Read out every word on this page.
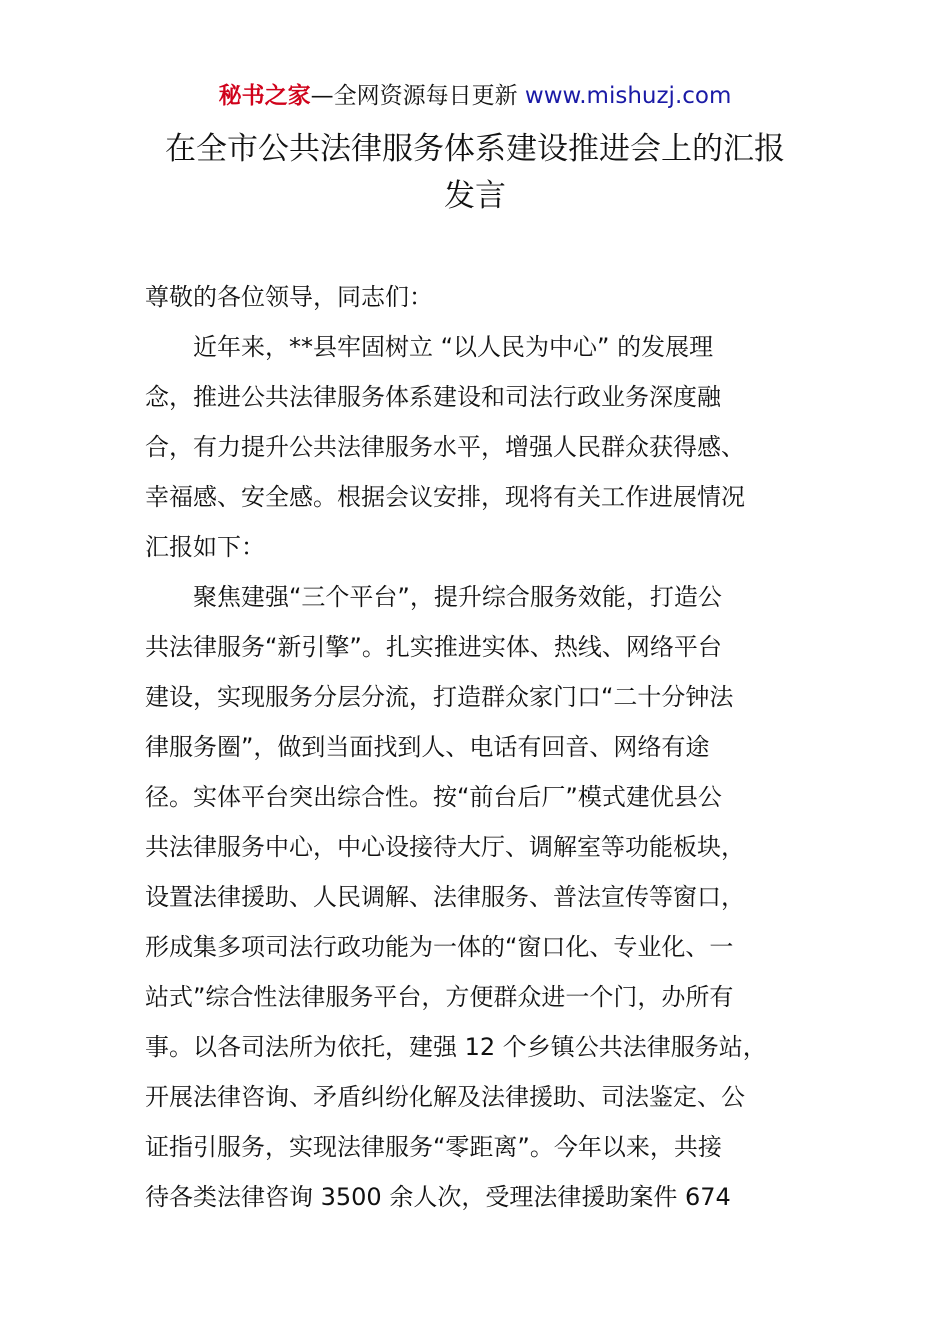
秘书之家—全网资源每日更新 www.mishuzj.com
在全市公共法律服务体系建设推进会上的汇报
发言
尊敬的各位领导，同志们：
　　近年来，**县牢固树立 “以人民为中心” 的发展理
念，推进公共法律服务体系建设和司法行政业务深度融
合，有力提升公共法律服务水平，增强人民群众获得感、
幸福感、安全感。根据会议安排，现将有关工作进展情况
汇报如下：
　　聚焦建强“三个平台”，提升综合服务效能，打造公
共法律服务“新引擎”。扎实推进实体、热线、网络平台
建设，实现服务分层分流，打造群众家门口“二十分钟法
律服务圈”，做到当面找到人、电话有回音、网络有途
径。实体平台突出综合性。按“前台后厂”模式建优县公
共法律服务中心，中心设接待大厅、调解室等功能板块，
设置法律援助、人民调解、法律服务、普法宣传等窗口，
形成集多项司法行政功能为一体的“窗口化、专业化、一
站式”综合性法律服务平台，方便群众进一个门，办所有
事。以各司法所为依托，建强 12 个乡镇公共法律服务站，
开展法律咨询、矛盾纠纷化解及法律援助、司法鉴定、公
证指引服务，实现法律服务“零距离”。今年以来，共接
待各类法律咨询 3500 余人次，受理法律援助案件 674
